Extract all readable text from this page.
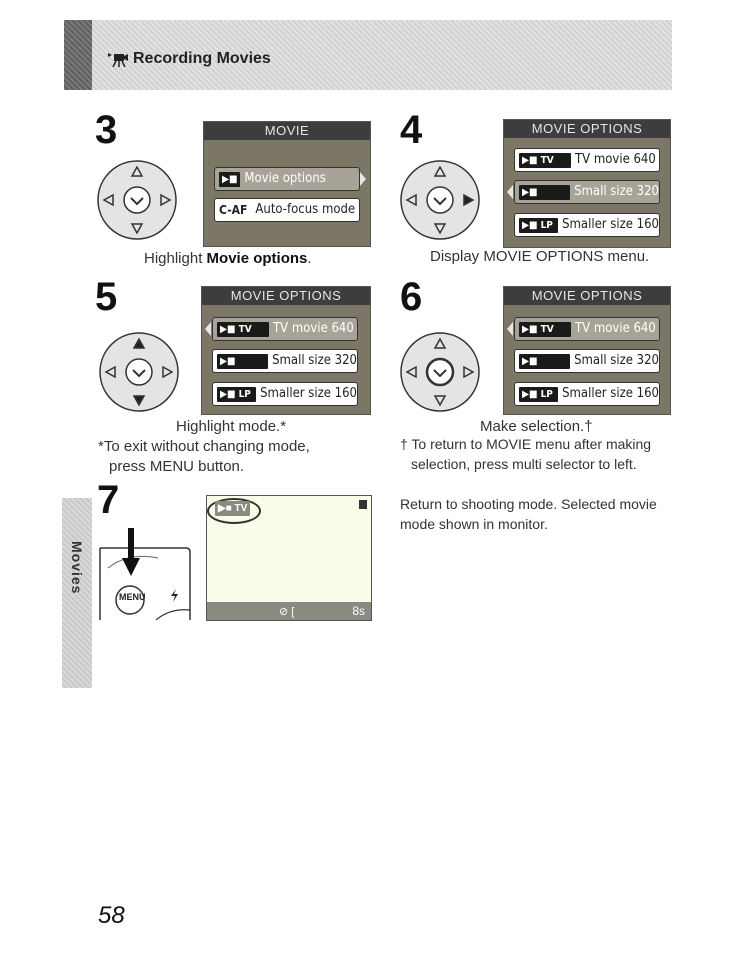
Recording Movies
Movies
3	MOVIE
▶■ Movie options
C-AF Auto-focus mode
Highlight Movie options.
4	MOVIE OPTIONS
▶■ TV	TV movie 640
▶■	Small size 320
▶■ LP Smaller size 160
Display MOVIE OPTIONS menu.
5	MOVIE OPTIONS
▶■ TV	TV movie 640
▶■	Small size 320
▶■ LP Smaller size 160
Highlight mode.*
*To exit without changing mode,
press MENU button.
6	MOVIE OPTIONS
▶■ TV	TV movie 640
▶■	Small size 320
▶■ LP Smaller size 160
Make selection.†
† To return to MOVIE menu after making
selection, press multi selector to left.
7
MENU
▶■ TV
⊘ [	8s
Return to shooting mode. Selected movie
mode shown in monitor.
58
